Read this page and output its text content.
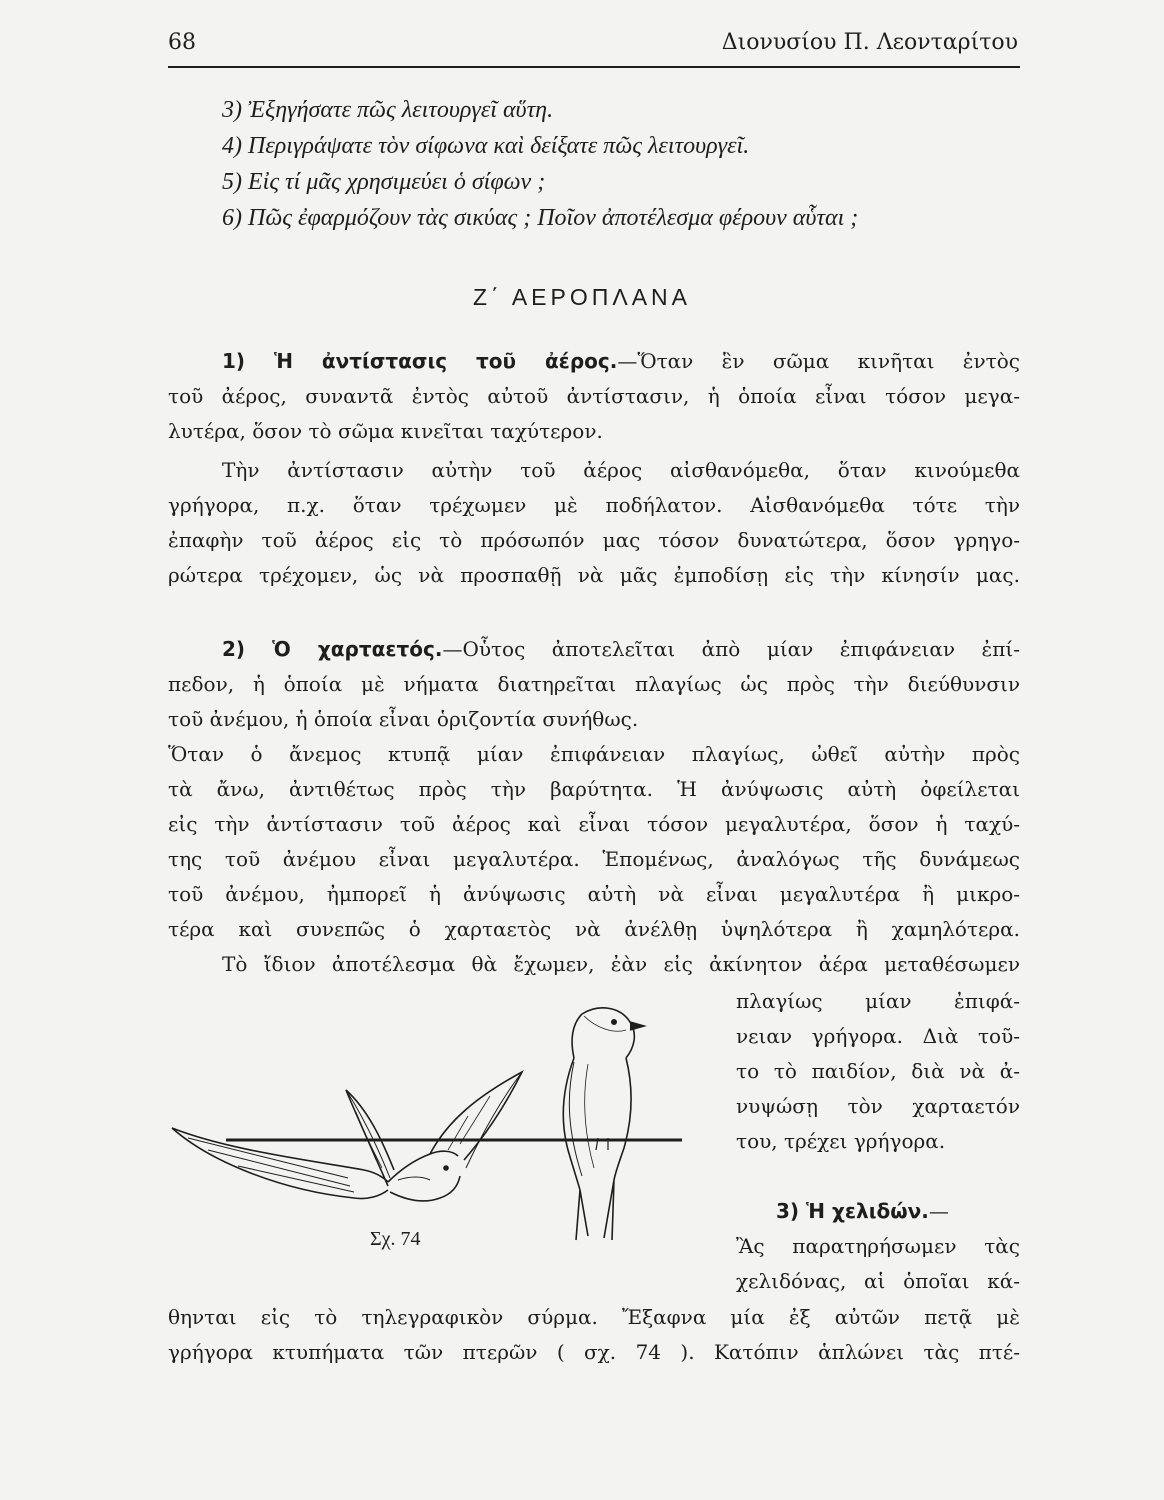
68	Διονυσίου Π. Λεονταρίτου
3) Ἐξηγήσατε πῶς λειτουργεῖ αὕτη.
4) Περιγράψατε τὸν σίφωνα καὶ δείξατε πῶς λειτουργεῖ.
5) Εἰς τί μᾶς χρησιμεύει ὁ σίφων ;
6) Πῶς ἐφαρμόζουν τὰς σικύας ; Ποῖον ἀποτέλεσμα φέρουν αὗται ;
Ζ΄ ΑΕΡΟΠΛΑΝΑ
1) Ἡ ἀντίστασις τοῦ ἀέρος.—Ὅταν ἓν σῶμα κινῆται ἐντὸς
τοῦ ἀέρος, συναντᾶ ἐντὸς αὐτοῦ ἀντίστασιν, ἡ ὁποία εἶναι τόσον μεγα-
λυτέρα, ὅσον τὸ σῶμα κινεῖται ταχύτερον.
Τὴν ἀντίστασιν αὐτὴν τοῦ ἀέρος αἰσθανόμεθα, ὅταν κινούμεθα
γρήγορα, π.χ. ὅταν τρέχωμεν μὲ ποδήλατον. Αἰσθανόμεθα τότε τὴν
ἐπαφὴν τοῦ ἀέρος εἰς τὸ πρόσωπόν μας τόσον δυνατώτερα, ὅσον γρηγο-
ρώτερα τρέχομεν, ὡς νὰ προσπαθῇ νὰ μᾶς ἐμποδίσῃ εἰς τὴν κίνησίν μας.
2) Ὁ χαρταετός.—Οὗτος ἀποτελεῖται ἀπὸ μίαν ἐπιφάνειαν ἐπί-
πεδον, ἡ ὁποία μὲ νήματα διατηρεῖται πλαγίως ὡς πρὸς τὴν διεύθυνσιν
τοῦ ἀνέμου, ἡ ὁποία εἶναι ὁριζοντία συνήθως.
Ὅταν ὁ ἄνεμος κτυπᾷ μίαν ἐπιφάνειαν πλαγίως, ὠθεῖ αὐτὴν πρὸς
τὰ ἄνω, ἀντιθέτως πρὸς τὴν βαρύτητα. Ἡ ἀνύψωσις αὐτὴ ὀφείλεται
εἰς τὴν ἀντίστασιν τοῦ ἀέρος καὶ εἶναι τόσον μεγαλυτέρα, ὅσον ἡ ταχύ-
της τοῦ ἀνέμου εἶναι μεγαλυτέρα. Ἑπομένως, ἀναλόγως τῆς δυνάμεως
τοῦ ἀνέμου, ἠμπορεῖ ἡ ἀνύψωσις αὐτὴ νὰ εἶναι μεγαλυτέρα ἢ μικρο-
τέρα καὶ συνεπῶς ὁ χαρταετὸς νὰ ἀνέλθῃ ὑψηλότερα ἢ χαμηλότερα.
Τὸ ἴδιον ἀποτέλεσμα θὰ ἔχωμεν, ἐὰν εἰς ἀκίνητον ἀέρα μεταθέσωμεν
πλαγίως μίαν ἐπιφά-
νειαν γρήγορα. Διὰ τοῦ-
το τὸ παιδίον, διὰ νὰ ἀ-
νυψώσῃ τὸν χαρταετόν
του, τρέχει γρήγορα.
Σχ. 74
3) Ἡ χελιδών.—
Ἂς παρατηρήσωμεν τὰς
χελιδόνας, αἱ ὁποῖαι κά-
θηνται εἰς τὸ τηλεγραφικὸν σύρμα. Ἔξαφνα μία ἐξ αὐτῶν πετᾷ μὲ
γρήγορα κτυπήματα τῶν πτερῶν ( σχ. 74 ). Κατόπιν ἁπλώνει τὰς πτέ-
